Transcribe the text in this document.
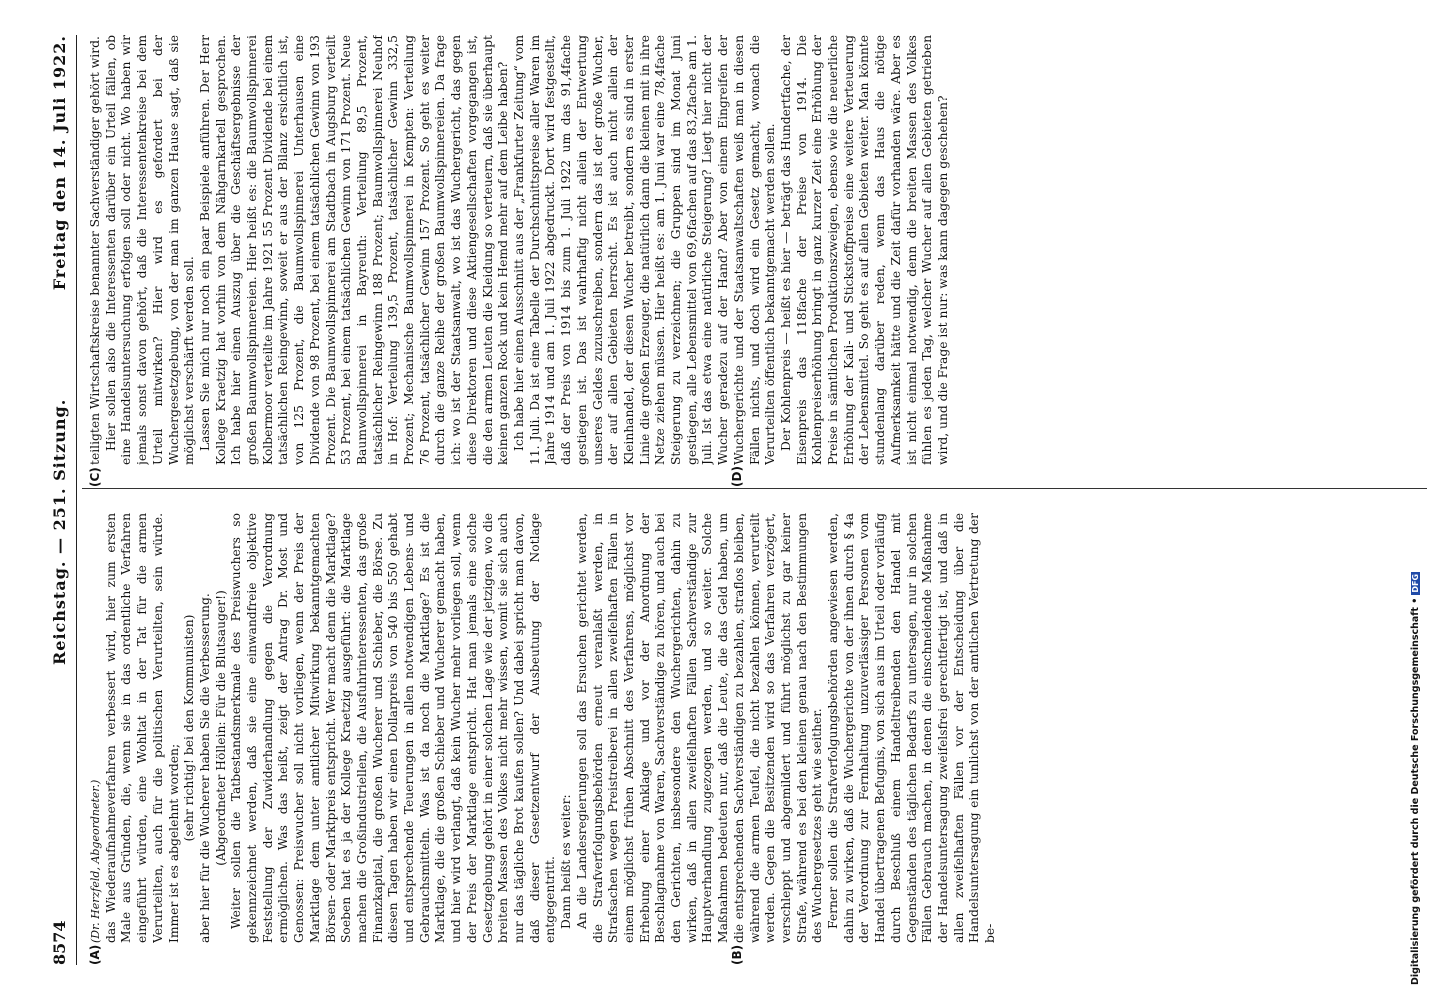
8574
Reichstag. — 251. Sitzung.
Freitag den 14. Juli 1922.
(A)	(B)
(C)	(D)

(Dr. Herzfeld, Abgeordneter.) das Wiederaufnahmeverfahren verbessert wird, hier zum ersten Male aus Gründen, die, wenn sie in das ordentliche Verfahren eingeführt würden, eine Wohltat in der Tat für die armen Verurteilten, auch für die politischen Verurteilten, sein würde. Immer ist es abgelehnt worden;

(sehr richtig! bei den Kommunisten) aber hier für die Wucherer haben Sie die Verbesserung. (Abgeordneter Höllein: Für die Blutsauger!) Weiter sollen die Tatbestandsmerkmale des Preiswuchers so gekennzeichnet werden, daß sie eine einwandfreie objektive Feststellung der Zuwiderhandlung gegen die Verordnung ermöglichen. Was das heißt, zeigt der Antrag Dr. Most und Genossen: Preiswucher soll nicht vorliegen, wenn der Preis der Marktlage dem unter amtlicher Mitwirkung bekanntgemachten Börsen- oder Marktpreis entspricht. Wer macht denn die Marktlage? Soeben hat es ja der Kollege Kraetzig ausgeführt: die Marktlage machen die Großindustriellen, die Ausfuhrinteressenten, das große Finanzkapital, die großen Wucherer und Schieber, die Börse. Zu diesen Tagen haben wir einen Dollarpreis von 540 bis 550 gehabt und entsprechende Teuerungen in allen notwendigen Lebens- und Gebrauchsmitteln. Was ist da noch die Marktlage? Es ist die Marktlage, die die großen Schieber und Wucherer gemacht haben, und hier wird verlangt, daß kein Wucher mehr vorliegen soll, wenn der Preis der Marktlage entspricht. Hat man jemals eine solche Gesetzgebung gehört in einer solchen Lage wie der jetzigen, wo die breiten Massen des Volkes nicht mehr wissen, womit sie sich auch nur das tägliche Brot kaufen sollen? Und dabei spricht man davon, daß dieser Gesetzentwurf der Ausbeutung der Notlage entgegentritt. Dann heißt es weiter: An die Landesregierungen soll das Ersuchen gerichtet werden, die Strafverfolgungsbehörden erneut veranlaßt werden, in Strafsachen wegen Preistreiberei in allen zweifelhaften Fällen in einem möglichst frühen Abschnitt des Verfahrens, möglichst vor Erhebung einer Anklage und vor der Anordnung der Beschlagnahme von Waren, Sachverständige zu hören, und auch bei den Gerichten, insbesondere den Wuchergerichten, dahin zu wirken, daß in allen zweifelhaften Fällen Sachverständige zur Hauptverhandlung zugezogen werden, und so weiter. Solche Maßnahmen bedeuten nur, daß die Leute, die das Geld haben, um die entsprechenden Sachverständigen zu bezahlen, straflos bleiben, während die armen Teufel, die nicht bezahlen können, verurteilt werden. Gegen die Besitzenden wird so das Verfahren verzögert, verschleppt und abgemildert und führt möglichst zu gar keiner Strafe, während es bei den kleinen genau nach den Bestimmungen des Wuchergesetzes geht wie seither. Ferner sollen die Strafverfolgungsbehörden angewiesen werden, dahin zu wirken, daß die Wuchergerichte von der ihnen durch § 4a der Verordnung zur Fernhaltung unzuverlässiger Personen vom Handel übertragenen Befugnis, von sich aus im Urteil oder vorläufig durch Beschluß einem Handeltreibenden den Handel mit Gegenständen des täglichen Bedarfs zu untersagen, nur in solchen Fällen Gebrauch machen, in denen die einschneidende Maßnahme der Handelsuntersagung zweifelsfrei gerechtfertigt ist, und daß in allen zweifelhaften Fällen vor der Entscheidung über die Handelsuntersagung ein tunlichst von der amtlichen Vertretung der be-

teiligten Wirtschaftskreise benannter Sachverständiger gehört wird. Hier sollen also die Interessenten darüber ein Urteil fällen, ob eine Handelsuntersuchung erfolgen soll oder nicht. Wo haben wir jemals sonst davon gehört, daß die Interessentenkreise bei dem Urteil mitwirken? Hier wird es gefordert bei der Wuchergesetzgebung, von der man im ganzen Hause sagt, daß sie möglichst verschärft werden soll. Lassen Sie mich nur noch ein paar Beispiele anführen. Der Herr Kollege Kraetzig hat vorhin von dem Nähgarnkartell gesprochen. Ich habe hier einen Auszug über die Geschäftsergebnisse der großen Baumwollspinnereien. Hier heißt es: die Baumwollspinnerei Kolbermoor verteilte im Jahre 1921 55 Prozent Dividende bei einem tatsächlichen Reingewinn, soweit er aus der Bilanz ersichtlich ist, von 125 Prozent, die Baumwollspinnerei Unterhausen eine Dividende von 98 Prozent, bei einem tatsächlichen Gewinn von 193 Prozent. Die Baumwollspinnerei am Stadtbach in Augsburg verteilt 53 Prozent, bei einem tatsächlichen Gewinn von 171 Prozent. Neue Baumwollspinnerei in Bayreuth: Verteilung 89,5 Prozent, tatsächlicher Reingewinn 188 Prozent; Baumwollspinnerei Neuhof in Hof: Verteilung 139,5 Prozent, tatsächlicher Gewinn 332,5 Prozent; Mechanische Baumwollspinnerei in Kempten: Verteilung 76 Prozent, tatsächlicher Gewinn 157 Prozent. So geht es weiter durch die ganze Reihe der großen Baumwollspinnereien. Da frage ich: wo ist der Staatsanwalt, wo ist das Wuchergericht, das gegen diese Direktoren und diese Aktiengesellschaften vorgegangen ist, die den armen Leuten die Kleidung so verteuern, daß sie überhaupt keinen ganzen Rock und kein Hemd mehr auf dem Leibe haben? Ich habe hier einen Ausschnitt aus der „Frankfurter Zeitung“ vom 11. Juli. Da ist eine Tabelle der Durchschnittspreise aller Waren im Jahre 1914 und am 1. Juli 1922 abgedruckt. Dort wird festgestellt, daß der Preis von 1914 bis zum 1. Juli 1922 um das 91,4fache gestiegen ist. Das ist wahrhaftig nicht allein der Entwertung unseres Geldes zuzuschreiben, sondern das ist der große Wucher, der auf allen Gebieten herrscht. Es ist auch nicht allein der Kleinhandel, der diesen Wucher betreibt, sondern es sind in erster Linie die großen Erzeuger, die natürlich dann die kleinen mit in ihre Netze ziehen müssen. Hier heißt es: am 1. Juni war eine 78,4fache Steigerung zu verzeichnen; die Gruppen sind im Monat Juni gestiegen, alle Lebensmittel von 69,6fachen auf das 83,2fache am 1. Juli. Ist das etwa eine natürliche Steigerung? Liegt hier nicht der Wucher geradezu auf der Hand? Aber von einem Eingreifen der Wuchergerichte und der Staatsanwaltschaften weiß man in diesen Fällen nichts, und doch wird ein Gesetz gemacht, wonach die Verurteilten öffentlich bekanntgemacht werden sollen. Der Kohlenpreis — heißt es hier — beträgt das Hundertfache, der Eisenpreis das 118fache der Preise von 1914. Die Kohlenpreiserhöhung bringt in ganz kurzer Zeit eine Erhöhung der Preise in sämtlichen Produktionszweigen, ebenso wie die neuerliche Erhöhung der Kali- und Stickstoffpreise eine weitere Verteuerung der Lebensmittel. So geht es auf allen Gebieten weiter. Man könnte stundenlang darüber reden, wenn das Haus die nötige Aufmerksamkeit hätte und die Zeit dafür vorhanden wäre. Aber es ist nicht einmal notwendig, denn die breiten Massen des Volkes fühlen es jeden Tag, welcher Wucher auf allen Gebieten getrieben wird, und die Frage ist nur: was kann dagegen geschehen?

Digitalisierung gefördert durch die Deutsche Forschungsgemeinschaft •DFG
